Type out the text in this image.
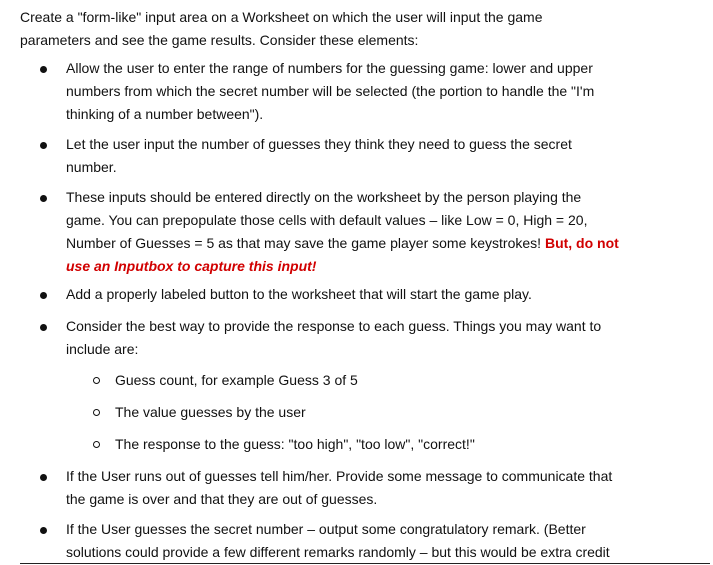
Create a "form-like" input area on a Worksheet on which the user will input the game
parameters and see the game results. Consider these elements:
Allow the user to enter the range of numbers for the guessing game: lower and upper
numbers from which the secret number will be selected (the portion to handle the "I'm
thinking of a number between").
Let the user input the number of guesses they think they need to guess the secret
number.
These inputs should be entered directly on the worksheet by the person playing the
game. You can prepopulate those cells with default values – like Low = 0, High = 20,
Number of Guesses = 5 as that may save the game player some keystrokes! But, do not
use an Inputbox to capture this input!
Add a properly labeled button to the worksheet that will start the game play.
Consider the best way to provide the response to each guess. Things you may want to
include are:
Guess count, for example Guess 3 of 5
The value guesses by the user
The response to the guess: "too high", "too low", "correct!"
If the User runs out of guesses tell him/her. Provide some message to communicate that
the game is over and that they are out of guesses.
If the User guesses the secret number – output some congratulatory remark. (Better
solutions could provide a few different remarks randomly – but this would be extra credit
